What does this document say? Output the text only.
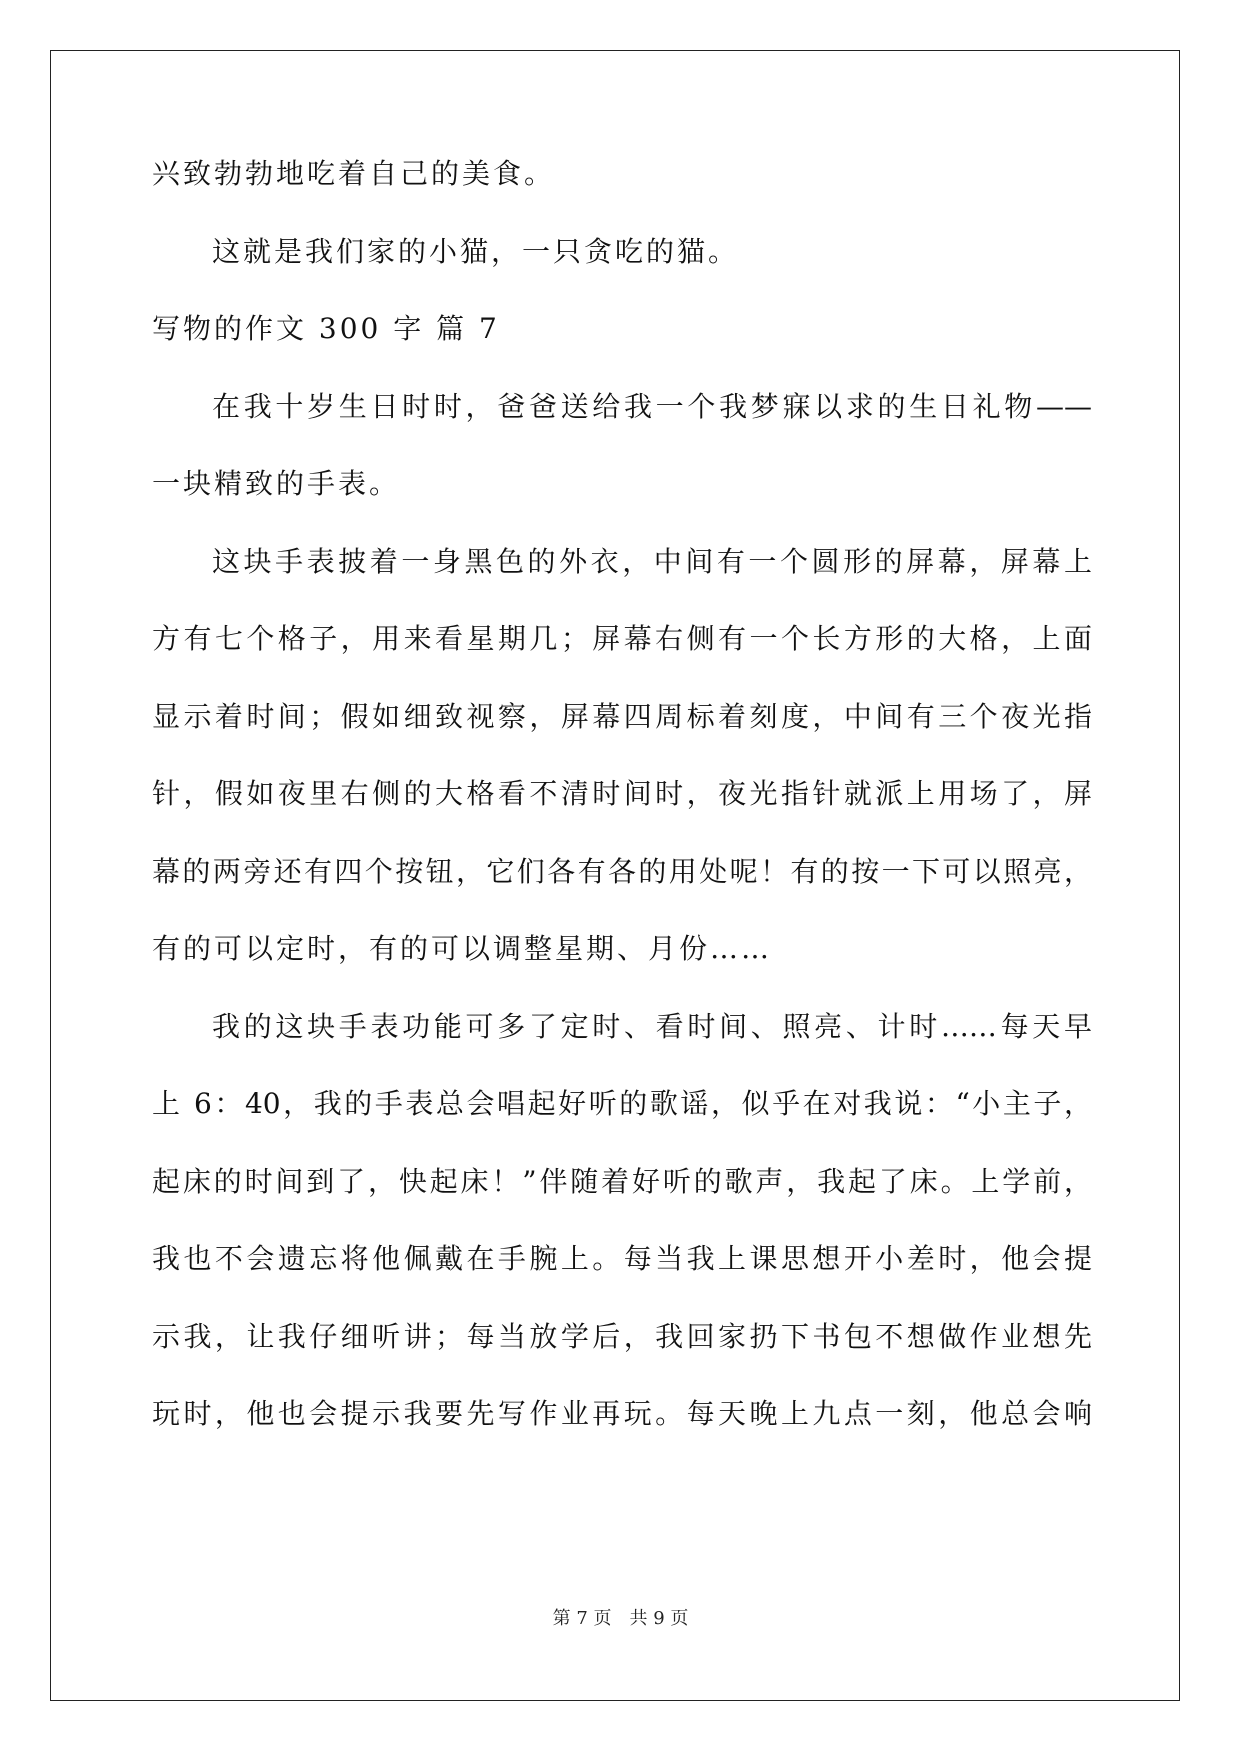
兴致勃勃地吃着自己的美食。
这就是我们家的小猫，一只贪吃的猫。
写物的作文 300 字 篇 7
在我十岁生日时时，爸爸送给我一个我梦寐以求的生日礼物——
一块精致的手表。
这块手表披着一身黑色的外衣，中间有一个圆形的屏幕，屏幕上
方有七个格子，用来看星期几；屏幕右侧有一个长方形的大格，上面
显示着时间；假如细致视察，屏幕四周标着刻度，中间有三个夜光指
针，假如夜里右侧的大格看不清时间时，夜光指针就派上用场了，屏
幕的两旁还有四个按钮，它们各有各的用处呢！有的按一下可以照亮，
有的可以定时，有的可以调整星期、月份……
我的这块手表功能可多了定时、看时间、照亮、计时……每天早
上 6：40，我的手表总会唱起好听的歌谣，似乎在对我说：“小主子，
起床的时间到了，快起床！”伴随着好听的歌声，我起了床。上学前，
我也不会遗忘将他佩戴在手腕上。每当我上课思想开小差时，他会提
示我，让我仔细听讲；每当放学后，我回家扔下书包不想做作业想先
玩时，他也会提示我要先写作业再玩。每天晚上九点一刻，他总会响
第 7 页　共 9 页
